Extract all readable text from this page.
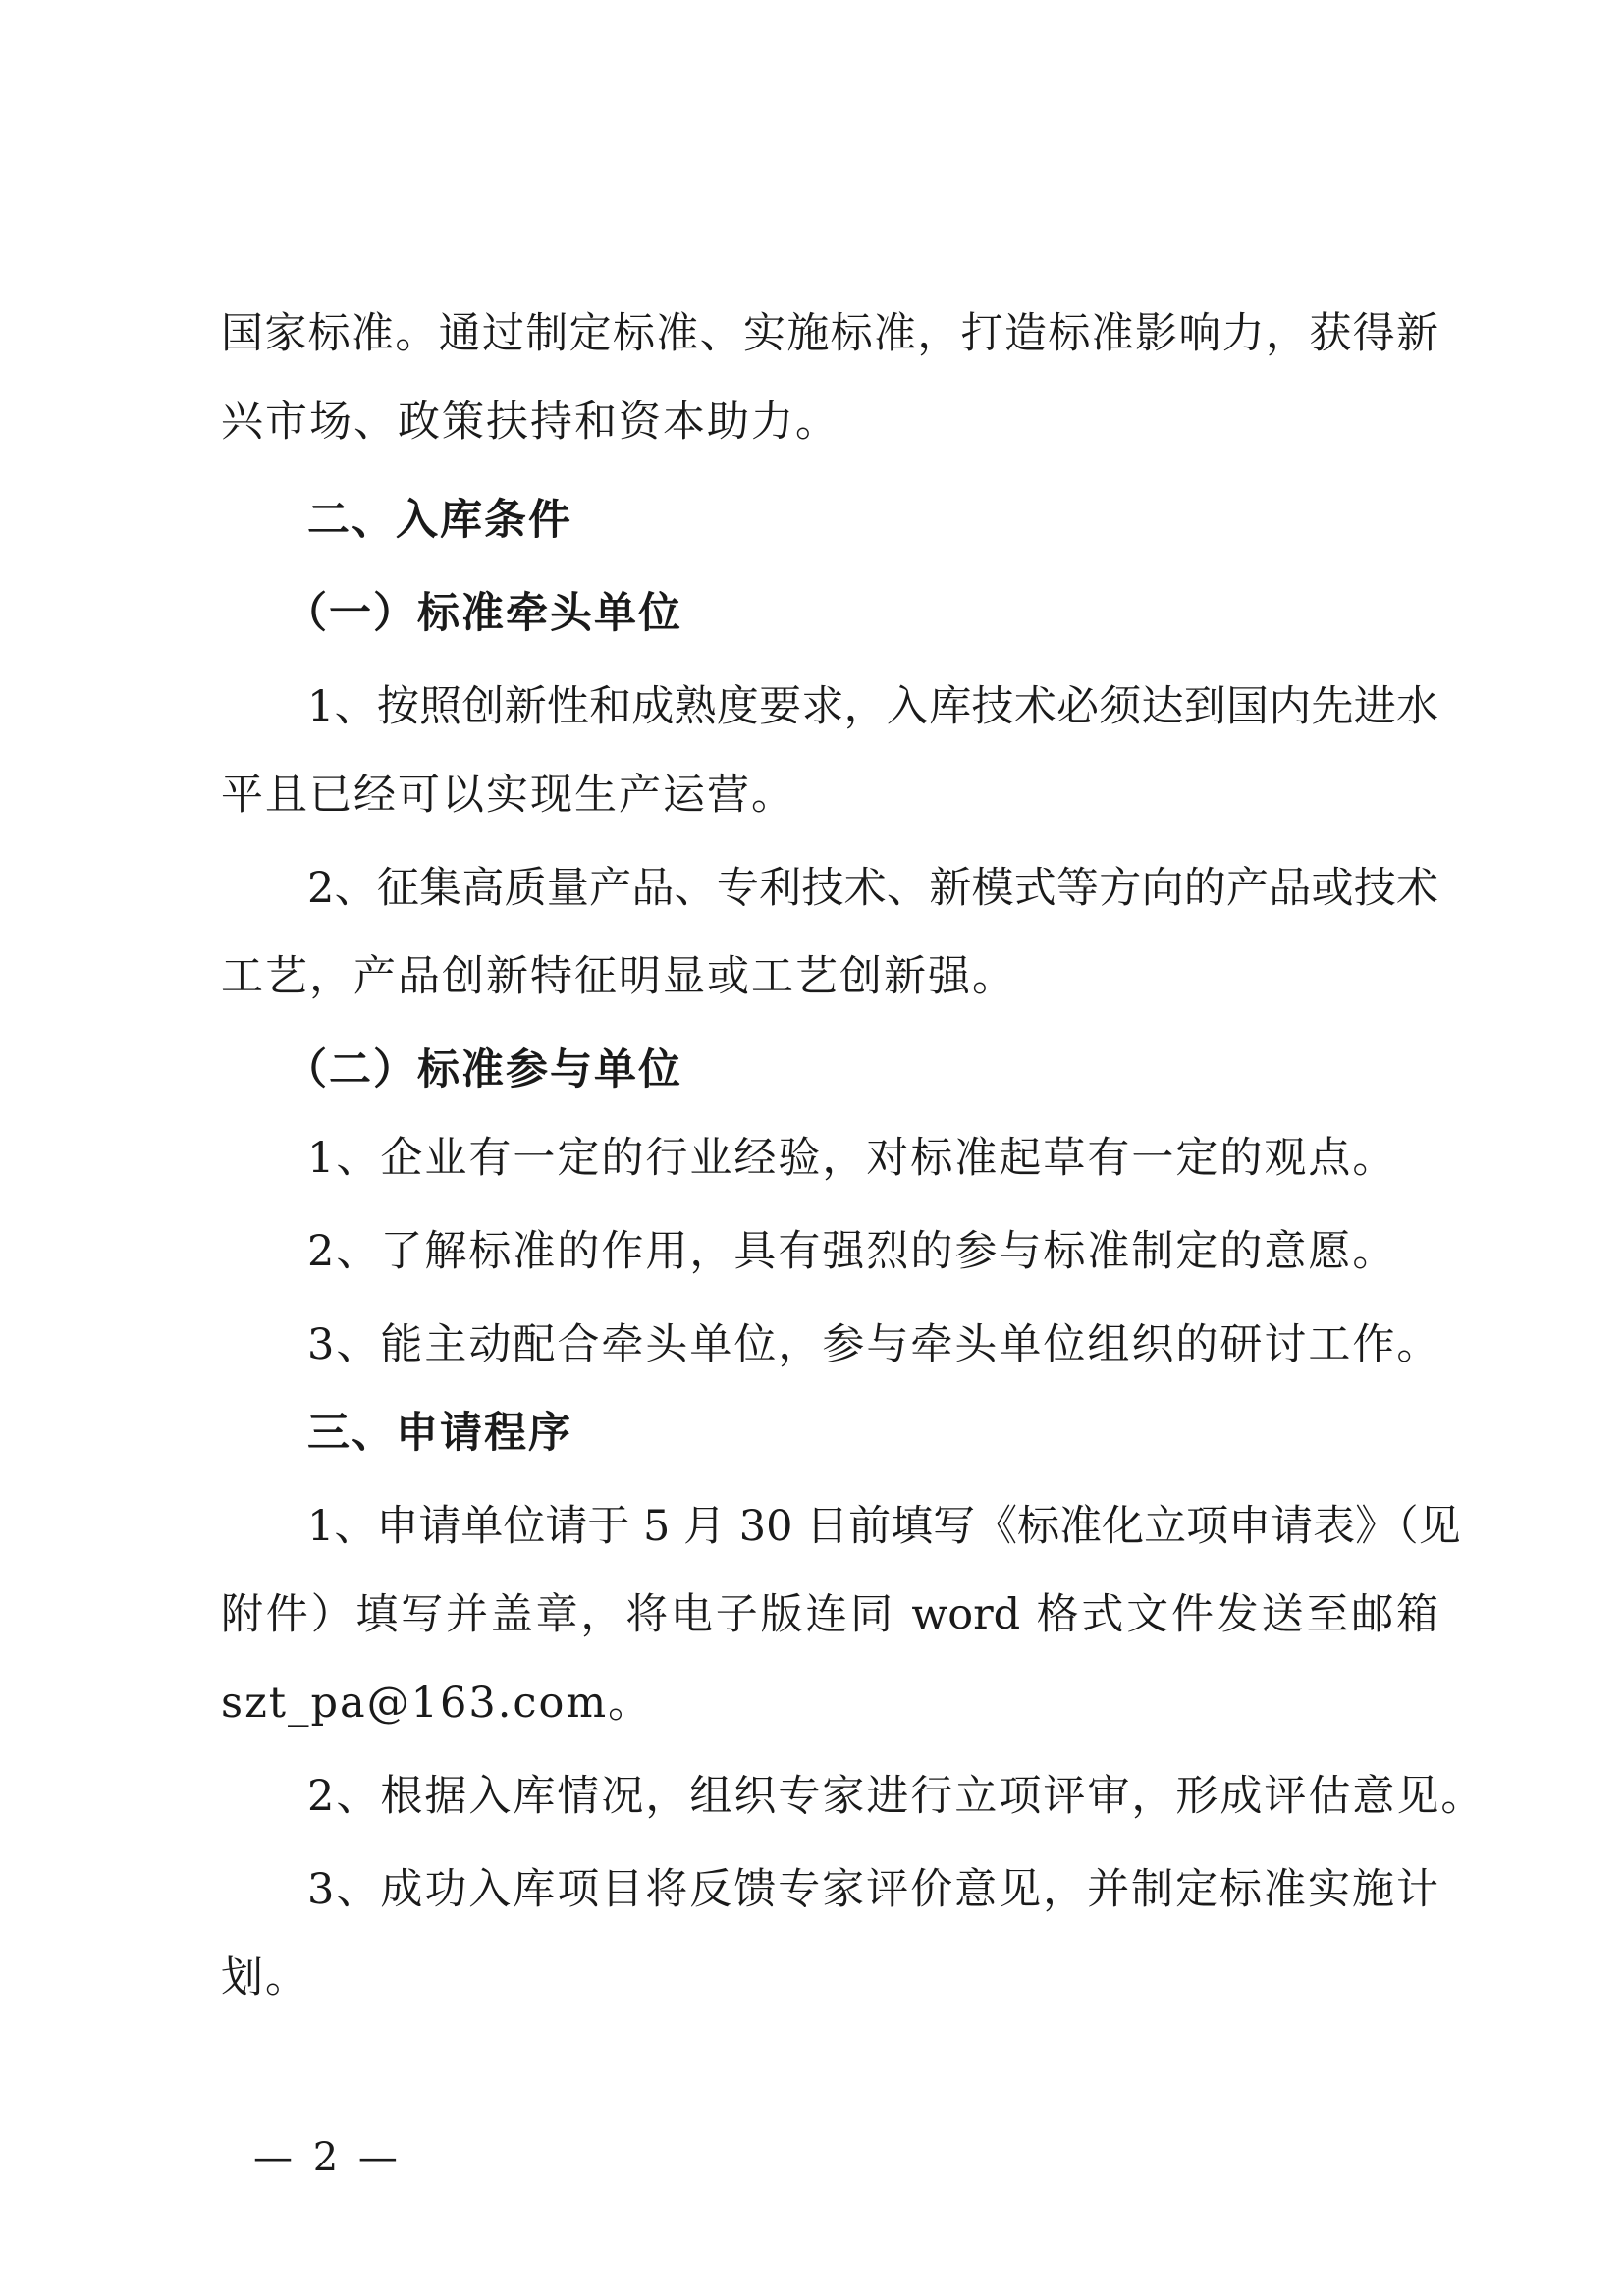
国家标准。通过制定标准、实施标准，打造标准影响力，获得新
兴市场、政策扶持和资本助力。
二、入库条件
（一）标准牵头单位
1、按照创新性和成熟度要求，入库技术必须达到国内先进水
平且已经可以实现生产运营。
2、征集高质量产品、专利技术、新模式等方向的产品或技术
工艺，产品创新特征明显或工艺创新强。
（二）标准参与单位
1、企业有一定的行业经验，对标准起草有一定的观点。
2、了解标准的作用，具有强烈的参与标准制定的意愿。
3、能主动配合牵头单位，参与牵头单位组织的研讨工作。
三、申请程序
1、申请单位请于 5 月 30 日前填写《标准化立项申请表》（见
附件）填写并盖章，将电子版连同 word 格式文件发送至邮箱
szt_pa@163.com。
2、根据入库情况，组织专家进行立项评审，形成评估意见。
3、成功入库项目将反馈专家评价意见，并制定标准实施计
划。
— 2 —
